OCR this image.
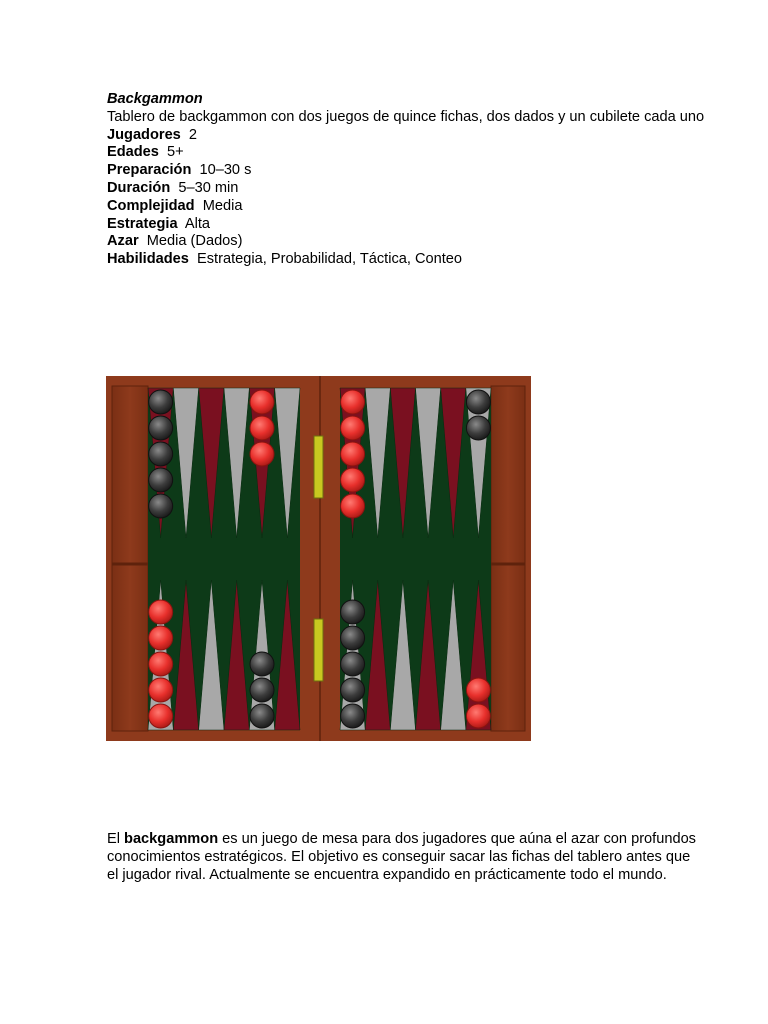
Backgammon
Tablero de backgammon con dos juegos de quince fichas, dos dados y un cubilete cada uno
Jugadores 2
Edades 5+
Preparación 10–30 s
Duración 5–30 min
Complejidad Media
Estrategia Alta
Azar Media (Dados)
Habilidades Estrategia, Probabilidad, Táctica, Conteo
El backgammon es un juego de mesa para dos jugadores que aúna el azar con profundos conocimientos estratégicos. El objetivo es conseguir sacar las fichas del tablero antes que el jugador rival. Actualmente se encuentra expandido en prácticamente todo el mundo.
